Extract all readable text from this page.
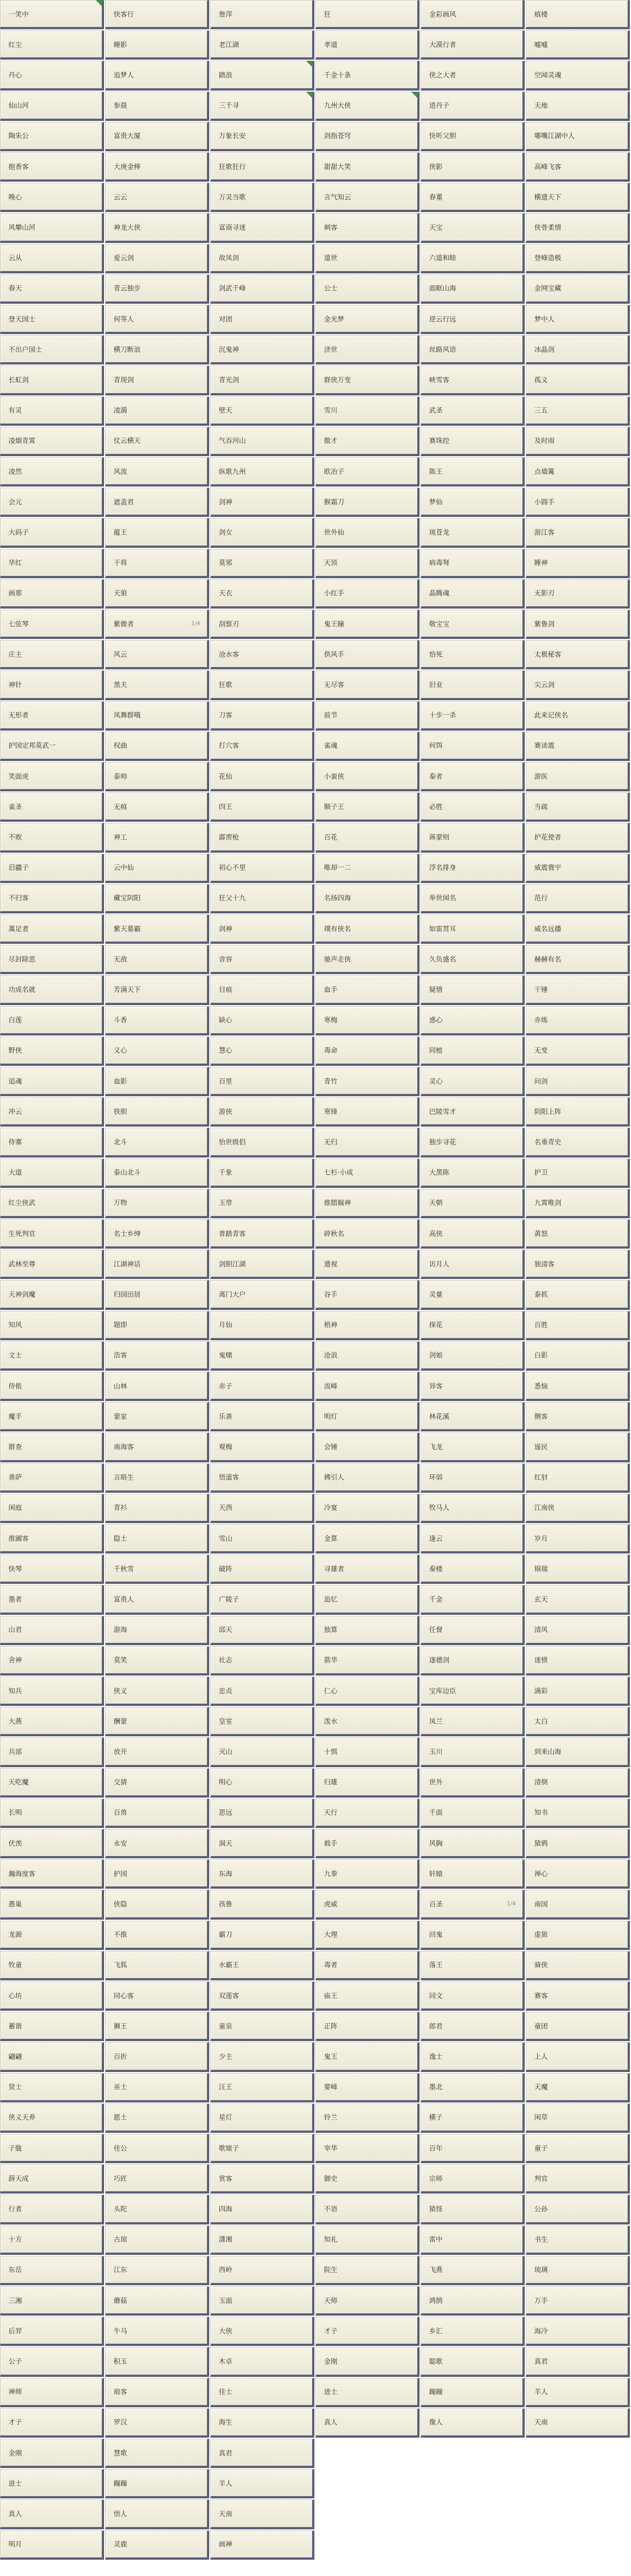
一笑中	快客行	詹萍	狂	金彩画风	痕楼
红尘	睡影	老江湖	孝道	大漠行者	嘘嘘
丹心	追梦人	踏浪	千金十条	侠之大者	空闻灵魂
仙山河	参晨	三千寻	九州大侠	逍丹子	天地
陶朱公	富贵大厦	万象长安	剑指苍穹	快听父胆	哪嘴江湖中人
抱香客	大庚金榉	狂歌狂行	甜甜大笑	侠影	高峰飞客
晚心	云云	万灵当歌	言气知云	春董	横遗天下
风攀山河	神龙大侠	富商寻迷	刺客	天宝	侠骨柔情
云从	爱云剑	故凤剑	道世	六道和睦	登峰造极
春天	青云独步	剑武千峰	公士	面眶山海	金网宝藏
登天国士	何等人	对团	金光梦	逆云行远	梦中人
不出户国士	横刀断浪	沉鬼神	济世	丝路风语	冰晶剑
长虹剑	青现剑	青光剑	群侠万变	峡雪客	孤义
有灵	凌漪	壁天	雪川	武圣	三五
凌烟青霄	仗云横天	气吞河山	傲才	赛珠控	及时雨
凌然	风流	纵歌九州	欧冶子	陈王	点墙篝
会元	遮盖君	剑神	猴霜刀	梦仙	小圆手
大码子	蕴王	剑女	世外仙	琉苍龙	游江客
华红	干将	莫邪	天顶	病毒弩	睡神
画那	天狼	天衣	小红手	晶腾魂	无影刃
七弦琴	紫微者	1/4	刮察刃	鬼王瞳	敬宝宝	紫鲁剑
庄主	风云	沧水客	供风手	恰死	太极秘客
神针	黑夫	狂歌	无尽客	旧业	尖云剑
无形者	凤舞群哦	刀客	前节	十步一杀	此来记侠名
护国定邦莫武一	权曲	打穴客	雀魂	何饵	赛读震
笑面虎	泰帅	花仙	小蛮侠	秦者	游医
雀圣	无痕	四王	顺子王	必胜	当疏
不败	神工	霹雳枪	百花	蒋蒙则	护花使者
启疆子	云中仙	初心不里	唯却一二	浮名排身	威震寰宇
不归客	藏宝阴阳	狂父十九	名扬四海	举世闻名	范行
萬足者	紫天墓霸	剑神	璞有侠名	如雷贯耳	威名远播
尽封除恶	无敌	音容	驰声走侠	久负盛名	赫赫有名
功成名就	芳满天下	目痕	血手	疑情	干锤
白莲	斗香	缺心	寒梅	惑心	赤练
野侠	义心	慧心	毒命	同植	无变
追魂	血影	百里	青竹	灵心	问剑
冲云	铁胆	游侠	寒锋	巴陵雪才	阴阳上阵
侍寨	北斗	怡世级侣	无归	独步寻花	名垂青史
大道	泰山北斗	千象	七杉·小成	大黑陈	护卫
红尘侠武	万物	玉带	推腊掘神	天朝	九霄唯剑
生死判官	名士乡绅	普踏青客	碎秋名	高侠	黄怒
武林至尊	江湖神话	剑胆江湖	遗视	访月人	独清客
天神剑魔	归园田居	离门大户	谷手	灵量	泰抓
知风	题即	月仙	梧神	探花	百胜
文士	浩客	鬼赌	沧浪	剑娘	白影
侍侬	山林	赤子	流峰	异客	悉恼
魔手	蒙家	乐善	明灯	林花溪	侧客
群查	南海客	观梅	会锤	飞龙	遥民
善萨	言晤生	悟道客	拂引人	环弱	红豺
闲庭	青衫	天西	冷宴	牧马人	江南侠
推圃客	隐士	雪山	金算	逢云	岁月
快琴	千秋雪	破阵	寻雄者	秦楼	锦瑞
墨者	富贵人	广陵子	追忆	千金	玄天
山君	游海	邱天	独算	任督	清风
舍神	莫笑	社志	箭华	逐德剑	迷愤
知兵	侠义	忠贞	仁心	宝库边臣	满彩
大燕	酬蒙	皇室	泼水	凤兰	太白
兵部	放开	灭山	十惧	玉川	到来山海
天吃魔	交猜	明心	归雄	世外	清倒
长明	百兽	思远	天行	千面	知书
伏羡	永安	洞天	载手	风胸	猿鸦
瀚海度客	护国	东海	九拳	轩辕	禅心
愚巢	侠隐	孩鲁	虎威	百圣	1/4	南国
龙源	不推	霸刀	大理	回鬼	虚狼
牧童	飞狐	水霸王	毒者	落王	骑侠
心坊	同心客	双莲客	庙王	同文	赛客
蓄谐	狮王	童泉	正阵	郎君	童团
翩翩	百折	少主	鬼王	逸士	上人
贤士	巫士	汪王	要峰	墨北	天魔
侠义天养	愿士	星灯	铃兰	横子	闲草
子胧	佳公	歌婊子	宰华	百年	童子
薛天成	巧匠	赏客	御史	宗师	判官
行者	头陀	四海	不语	猿怪	公孙
十方	古琼	潇湘	知礼	雷中	书生
东岳	江东	西岭	院生	飞燕	琉璃
三湘	蘑菇	玉面	天师	鸿鹄	万手
后羿	牛马	大侠	才子	乡汇	海冷
公子	积玉	木卓	金刚	聪歌	真君
禅师	琅客	佳士	进士	蹦蹦	羊人
才子	罗汉	海生	真人	像人	天南
金刚	慧歌	真君
进士	蹦蹦	羊人
真人	悟人	天南
明月	灵鹿	画禅
